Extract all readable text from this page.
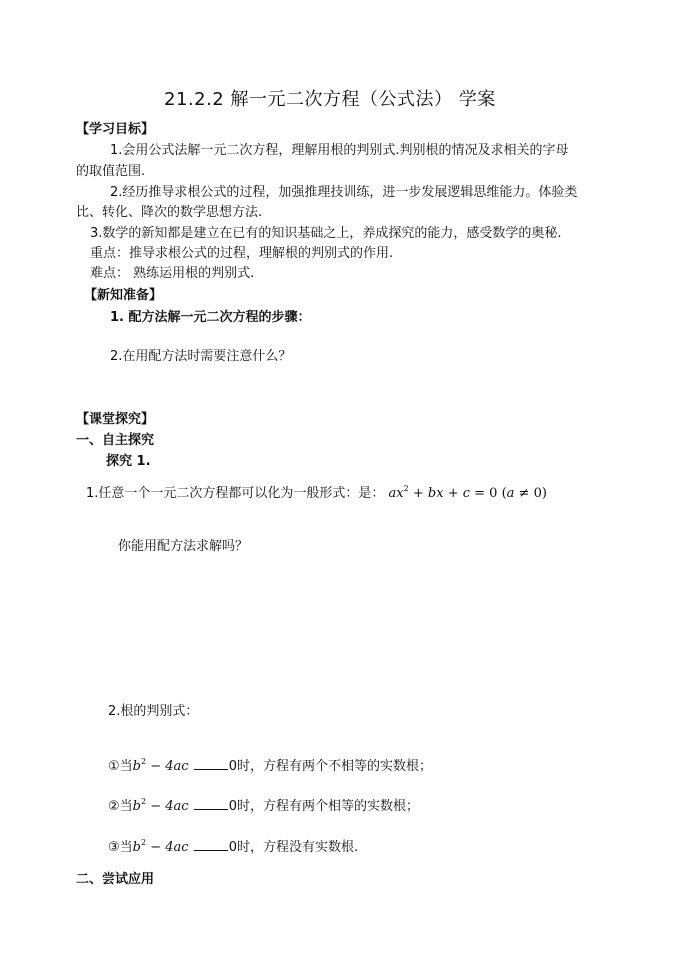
21.2.2 解一元二次方程（公式法） 学案
【学习目标】
1.会用公式法解一元二次方程，理解用根的判别式.判别根的情况及求相关的字母
的取值范围.
2.经历推导求根公式的过程，加强推理技训练，进一步发展逻辑思维能力。体验类
比、转化、降次的数学思想方法.
3.数学的新知都是建立在已有的知识基础之上，养成探究的能力，感受数学的奥秘.
重点：推导求根公式的过程，理解根的判别式的作用.
难点： 熟练运用根的判别式.
【新知准备】
1. 配方法解一元二次方程的步骤：
2.在用配方法时需要注意什么？
【课堂探究】
一、自主探究
探究 1.
1.任意一个一元二次方程都可以化为一般形式：是： $ax^2$ + bx + c = 0 (a ≠ 0)
你能用配方法求解吗？
2.根的判别式：
①当$b^2 - 4ac$	0时，方程有两个不相等的实数根；
②当$b^2 - 4ac$	0时，方程有两个相等的实数根；
③当$b^2 - 4ac$	0时，方程没有实数根.
二、尝试应用
